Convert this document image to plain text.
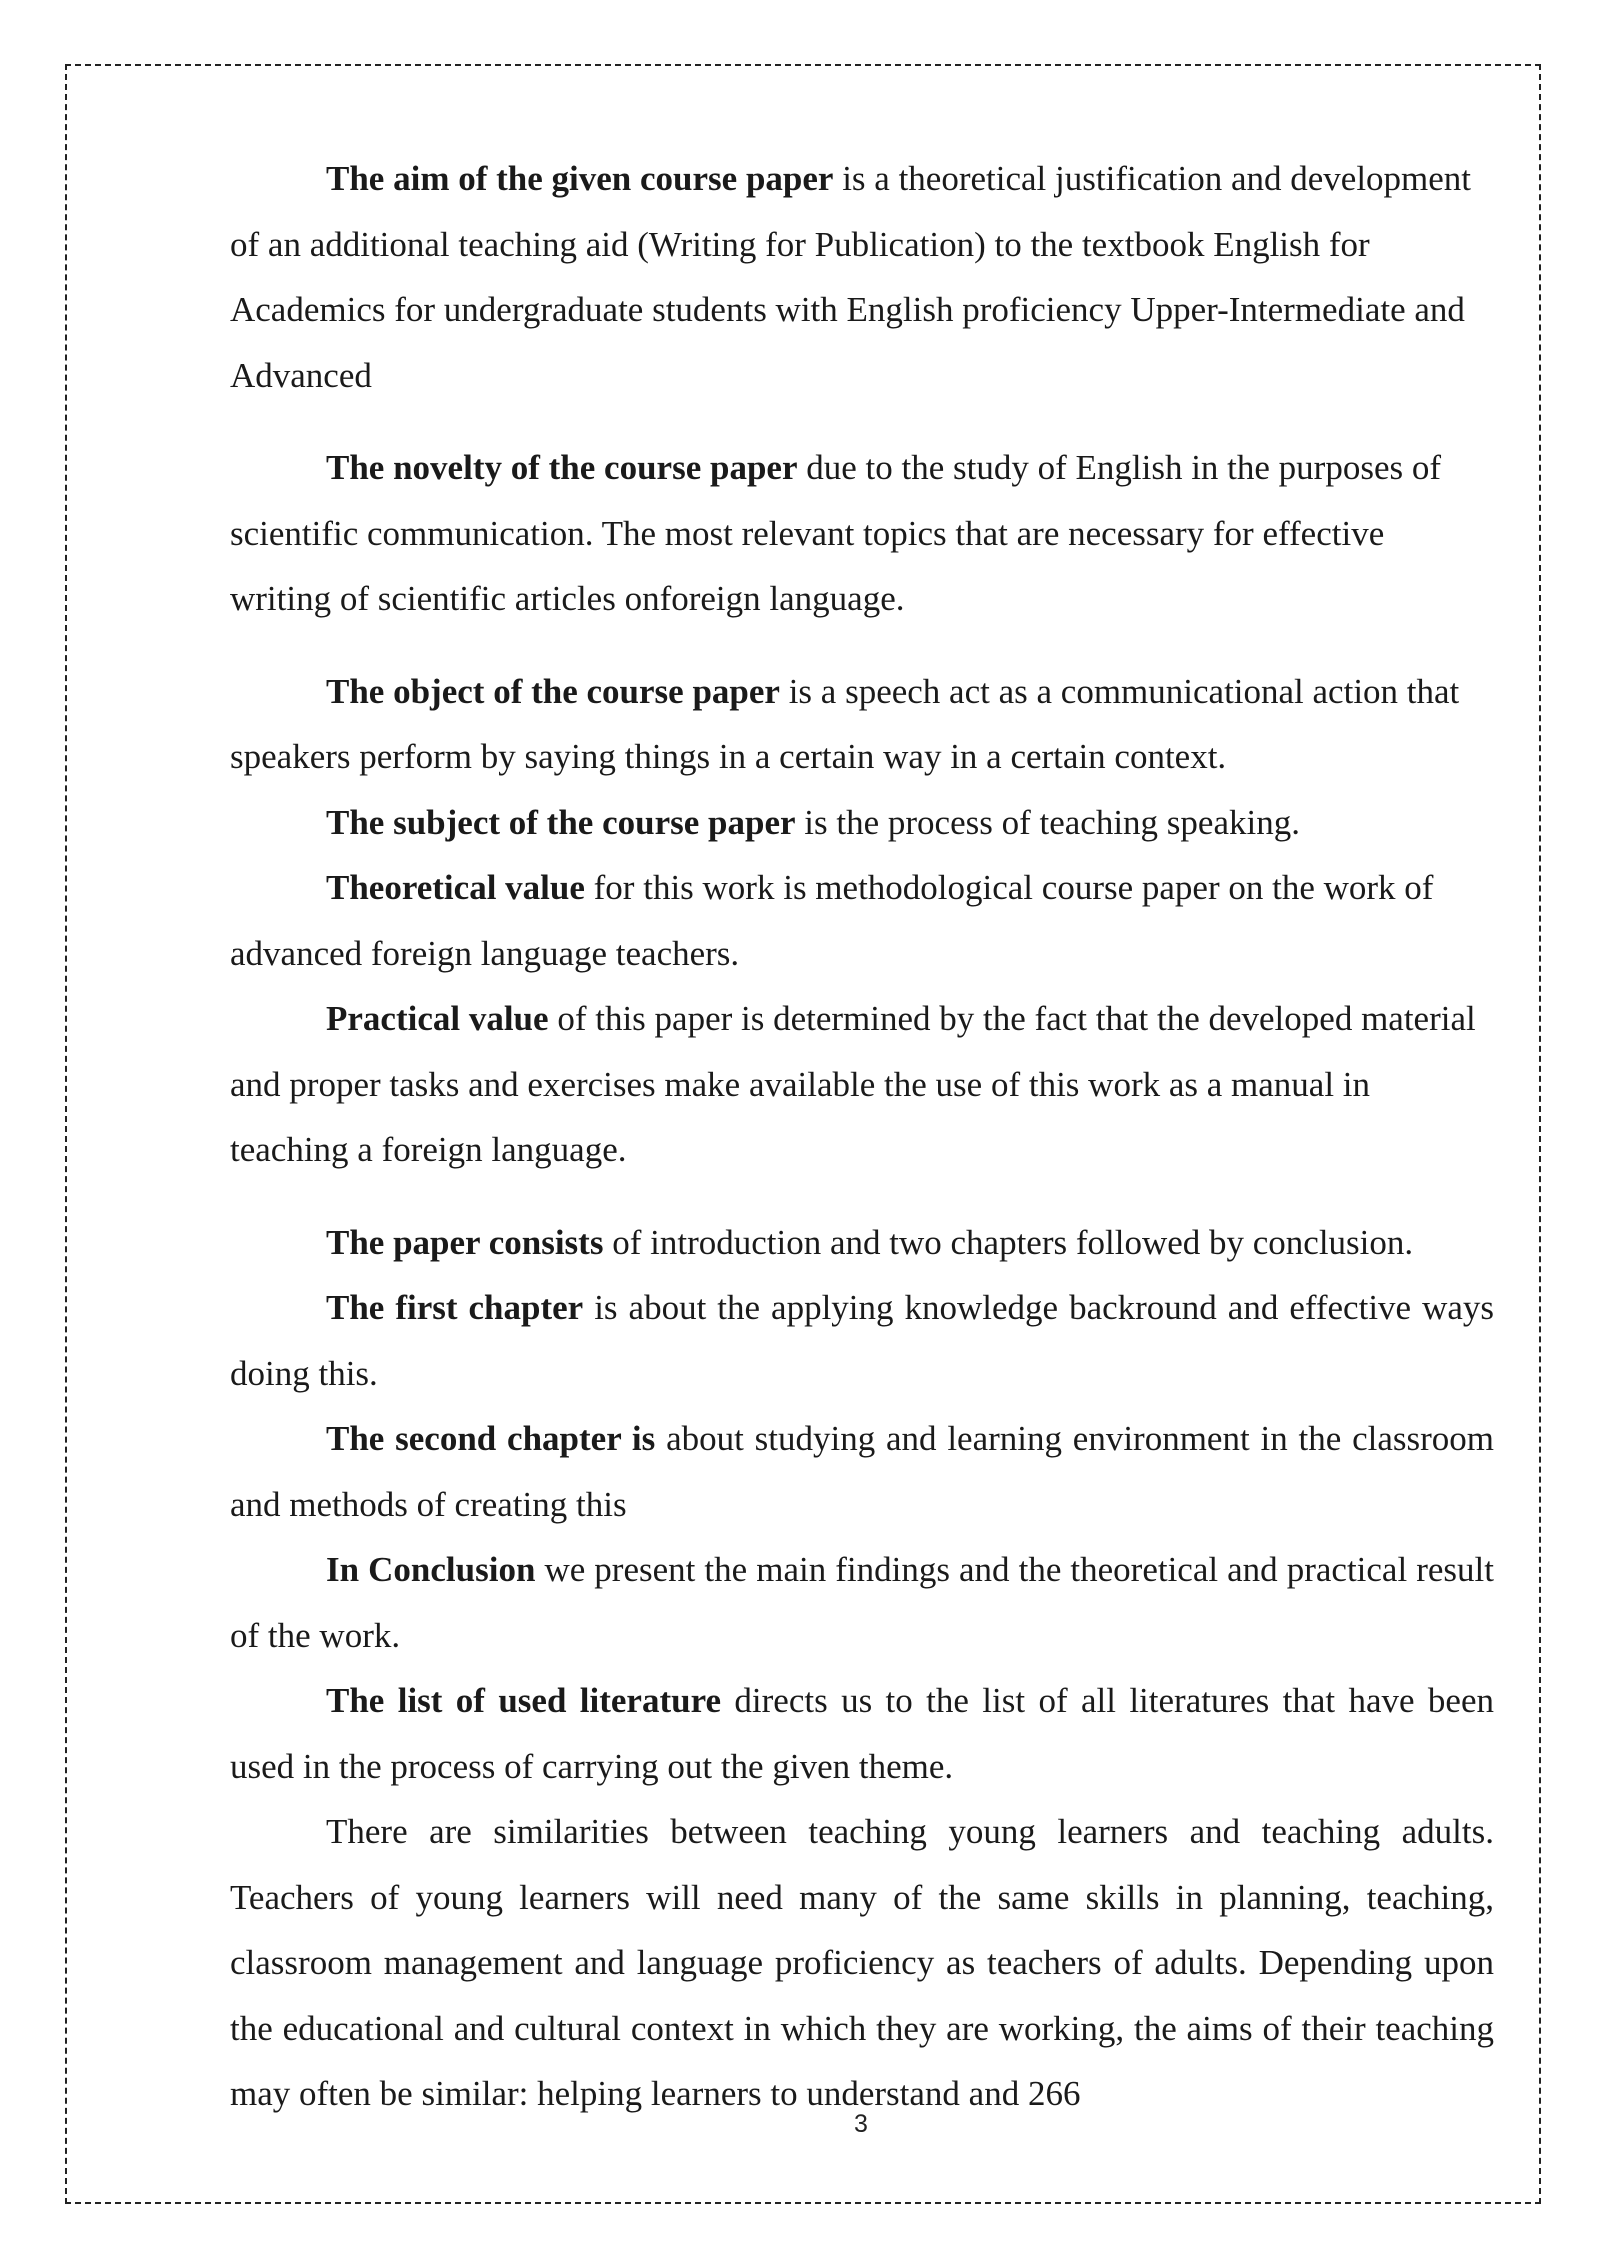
The aim of the given course paper is a theoretical justification and development of an additional teaching aid (Writing for Publication) to the textbook English for Academics for undergraduate students with English proficiency Upper-Intermediate and Advanced

The novelty of the course paper due to the study of English in the purposes of scientific communication. The most relevant topics that are necessary for effective writing of scientific articles onforeign language.

The object of the course paper is a speech act as a communicational action that speakers perform by saying things in a certain way in a certain context.

The subject of the course paper is the process of teaching speaking.

Theoretical value for this work is methodological course paper on the work of advanced foreign language teachers.

Practical value of this paper is determined by the fact that the developed material and proper tasks and exercises make available the use of this work as a manual in teaching a foreign language.

The paper consists of introduction and two chapters followed by conclusion.

The first chapter is about the applying knowledge backround and effective ways doing this.

The second chapter is about studying and learning environment in the classroom and methods of creating this

In Conclusion we present the main findings and the theoretical and practical result of the work.

The list of used literature directs us to the list of all literatures that have been used in the process of carrying out the given theme.

There are similarities between teaching young learners and teaching adults. Teachers of young learners will need many of the same skills in planning, teaching, classroom management and language proficiency as teachers of adults. Depending upon the educational and cultural context in which they are working, the aims of their teaching may often be similar: helping learners to understand and 266

3
